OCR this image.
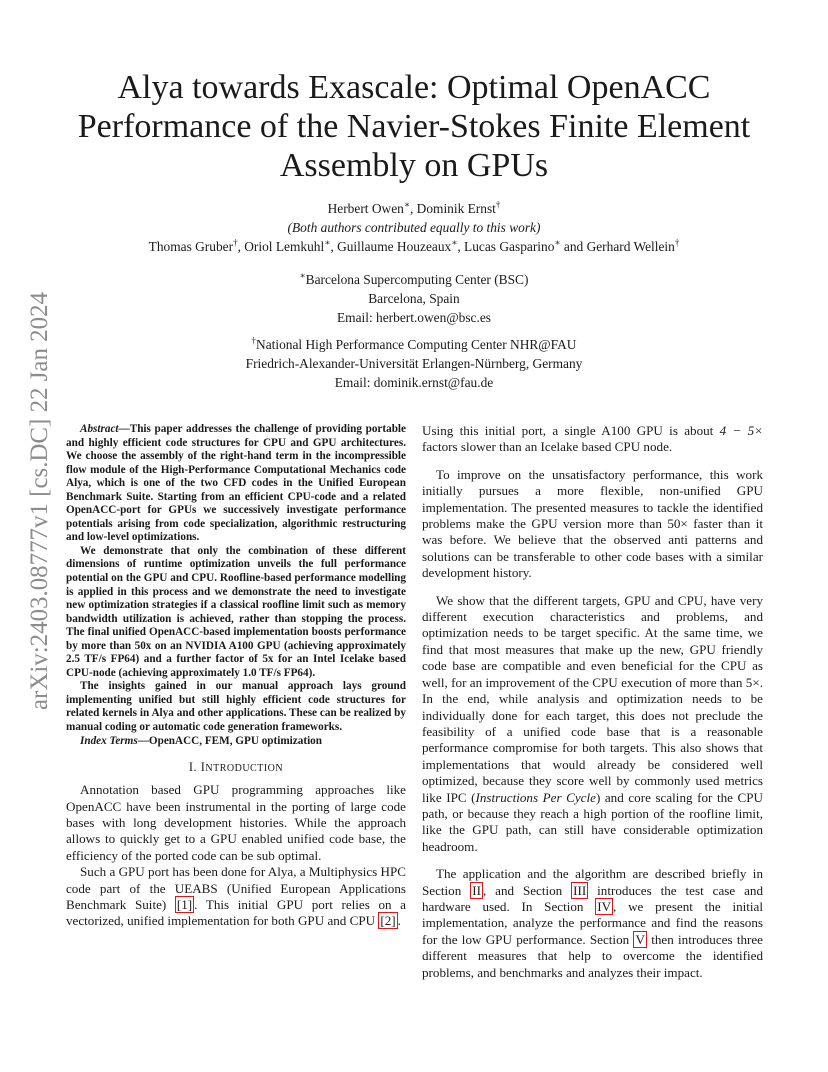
arXiv:2403.08777v1 [cs.DC] 22 Jan 2024
Alya towards Exascale: Optimal OpenACC Performance of the Navier-Stokes Finite Element Assembly on GPUs
Herbert Owen∗, Dominik Ernst†
(Both authors contributed equally to this work)
Thomas Gruber†, Oriol Lemkuhl∗, Guillaume Houzeaux∗, Lucas Gasparino∗ and Gerhard Wellein†
∗Barcelona Supercomputing Center (BSC)
Barcelona, Spain
Email: herbert.owen@bsc.es
†National High Performance Computing Center NHR@FAU
Friedrich-Alexander-Universität Erlangen-Nürnberg, Germany
Email: dominik.ernst@fau.de

Abstract—This paper addresses the challenge of providing portable and highly efficient code structures for CPU and GPU architectures. We choose the assembly of the right-hand term in the incompressible flow module of the High-Performance Computational Mechanics code Alya, which is one of the two CFD codes in the Unified European Benchmark Suite. Starting from an efficient CPU-code and a related OpenACC-port for GPUs we successively investigate performance potentials arising from code specialization, algorithmic restructuring and low-level optimizations.

We demonstrate that only the combination of these different dimensions of runtime optimization unveils the full performance potential on the GPU and CPU. Roofline-based performance modelling is applied in this process and we demonstrate the need to investigate new optimization strategies if a classical roofline limit such as memory bandwidth utilization is achieved, rather than stopping the process. The final unified OpenACC-based implementation boosts performance by more than 50x on an NVIDIA A100 GPU (achieving approximately 2.5 TF/s FP64) and a further factor of 5x for an Intel Icelake based CPU-node (achieving approximately 1.0 TF/s FP64).

The insights gained in our manual approach lays ground implementing unified but still highly efficient code structures for related kernels in Alya and other applications. These can be realized by manual coding or automatic code generation frameworks.

Index Terms—OpenACC, FEM, GPU optimization

I. INTRODUCTION

Annotation based GPU programming approaches like OpenACC have been instrumental in the porting of large code bases with long development histories. While the approach allows to quickly get to a GPU enabled unified code base, the efficiency of the ported code can be sub optimal.

Such a GPU port has been done for Alya, a Multiphysics HPC code part of the UEABS (Unified European Applications Benchmark Suite) [1] . This initial GPU port relies on a vectorized, unified implementation for both GPU and CPU [2] .

Using this initial port, a single A100 GPU is about 4 − 5× factors slower than an Icelake based CPU node.

To improve on the unsatisfactory performance, this work initially pursues a more flexible, non-unified GPU implementation. The presented measures to tackle the identified problems make the GPU version more than 50× faster than it was before. We believe that the observed anti patterns and solutions can be transferable to other code bases with a similar development history.

We show that the different targets, GPU and CPU, have very different execution characteristics and problems, and optimization needs to be target specific. At the same time, we find that most measures that make up the new, GPU friendly code base are compatible and even beneficial for the CPU as well, for an improvement of the CPU execution of more than 5×. In the end, while analysis and optimization needs to be individually done for each target, this does not preclude the feasibility of a unified code base that is a reasonable performance compromise for both targets. This also shows that implementations that would already be considered well optimized, because they score well by commonly used metrics like IPC (Instructions Per Cycle) and core scaling for the CPU path, or because they reach a high portion of the roofline limit, like the GPU path, can still have considerable optimization headroom.

The application and the algorithm are described briefly in Section II , and Section III introduces the test case and hardware used. In Section IV , we present the initial implementation, analyze the performance and find the reasons for the low GPU performance. Section V then introduces three different measures that help to overcome the identified problems, and benchmarks and analyzes their impact.
